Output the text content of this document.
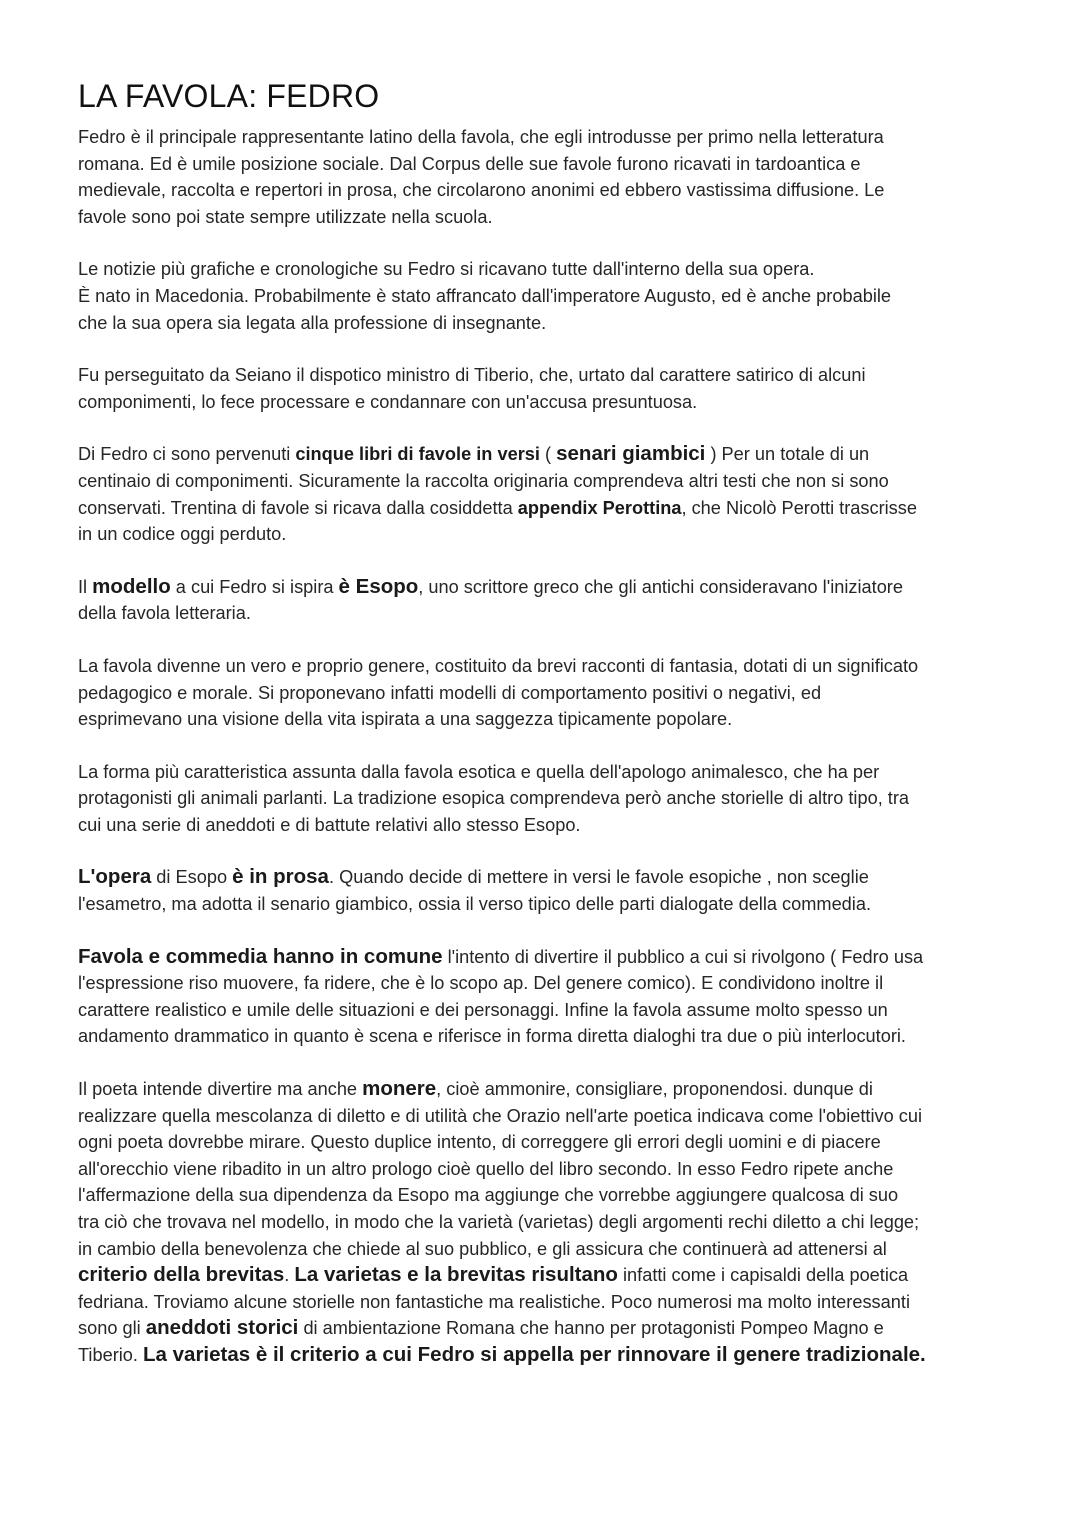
LA FAVOLA: FEDRO
Fedro è il principale rappresentante latino della favola, che egli introdusse per primo nella letteratura
romana. Ed è umile posizione sociale. Dal Corpus delle sue favole furono ricavati in tardoantica e
medievale, raccolta e repertori in prosa, che circolarono anonimi ed ebbero vastissima diffusione. Le
favole sono poi state sempre utilizzate nella scuola.
Le notizie più grafiche e cronologiche su Fedro si ricavano tutte dall'interno della sua opera.
È nato in Macedonia. Probabilmente è stato affrancato dall'imperatore Augusto, ed è anche probabile
che la sua opera sia legata alla professione di insegnante.
Fu perseguitato da Seiano il dispotico ministro di Tiberio, che, urtato dal carattere satirico di alcuni
componimenti, lo fece processare e condannare con un'accusa presuntuosa.
Di Fedro ci sono pervenuti cinque libri di favole in versi ( senari giambici ) Per un totale di un
centinaio di componimenti. Sicuramente la raccolta originaria comprendeva altri testi che non si sono
conservati. Trentina di favole si ricava dalla cosiddetta appendix Perottina, che Nicolò Perotti trascrisse
in un codice oggi perduto.
Il modello a cui Fedro si ispira è Esopo, uno scrittore greco che gli antichi consideravano l'iniziatore
della favola letteraria.
La favola divenne un vero e proprio genere, costituito da brevi racconti di fantasia, dotati di un significato
pedagogico e morale. Si proponevano infatti modelli di comportamento positivi o negativi, ed
esprimevano una visione della vita ispirata a una saggezza tipicamente popolare.
La forma più caratteristica assunta dalla favola esotica e quella dell'apologo animalesco, che ha per
protagonisti gli animali parlanti. La tradizione esopica comprendeva però anche storielle di altro tipo, tra
cui una serie di aneddoti e di battute relativi allo stesso Esopo.
L'opera di Esopo è in prosa. Quando decide di mettere in versi le favole esopiche , non sceglie
l'esametro, ma adotta il senario giambico, ossia il verso tipico delle parti dialogate della commedia.
Favola e commedia hanno in comune l'intento di divertire il pubblico a cui si rivolgono ( Fedro usa
l'espressione riso muovere, fa ridere, che è lo scopo ap. Del genere comico). E condividono inoltre il
carattere realistico e umile delle situazioni e dei personaggi. Infine la favola assume molto spesso un
andamento drammatico in quanto è scena e riferisce in forma diretta dialoghi tra due o più interlocutori.
Il poeta intende divertire ma anche monere, cioè ammonire, consigliare, proponendosi. dunque di
realizzare quella mescolanza di diletto e di utilità che Orazio nell'arte poetica indicava come l'obiettivo cui
ogni poeta dovrebbe mirare. Questo duplice intento, di correggere gli errori degli uomini e di piacere
all'orecchio viene ribadito in un altro prologo cioè quello del libro secondo. In esso Fedro ripete anche
l'affermazione della sua dipendenza da Esopo ma aggiunge che vorrebbe aggiungere qualcosa di suo
tra ciò che trovava nel modello, in modo che la varietà (varietas) degli argomenti rechi diletto a chi legge;
in cambio della benevolenza che chiede al suo pubblico, e gli assicura che continuerà ad attenersi al
criterio della brevitas. La varietas e la brevitas risultano infatti come i capisaldi della poetica
fedriana. Troviamo alcune storielle non fantastiche ma realistiche. Poco numerosi ma molto interessanti
sono gli aneddoti storici di ambientazione Romana che hanno per protagonisti Pompeo Magno e
Tiberio. La varietas è il criterio a cui Fedro si appella per rinnovare il genere tradizionale.
